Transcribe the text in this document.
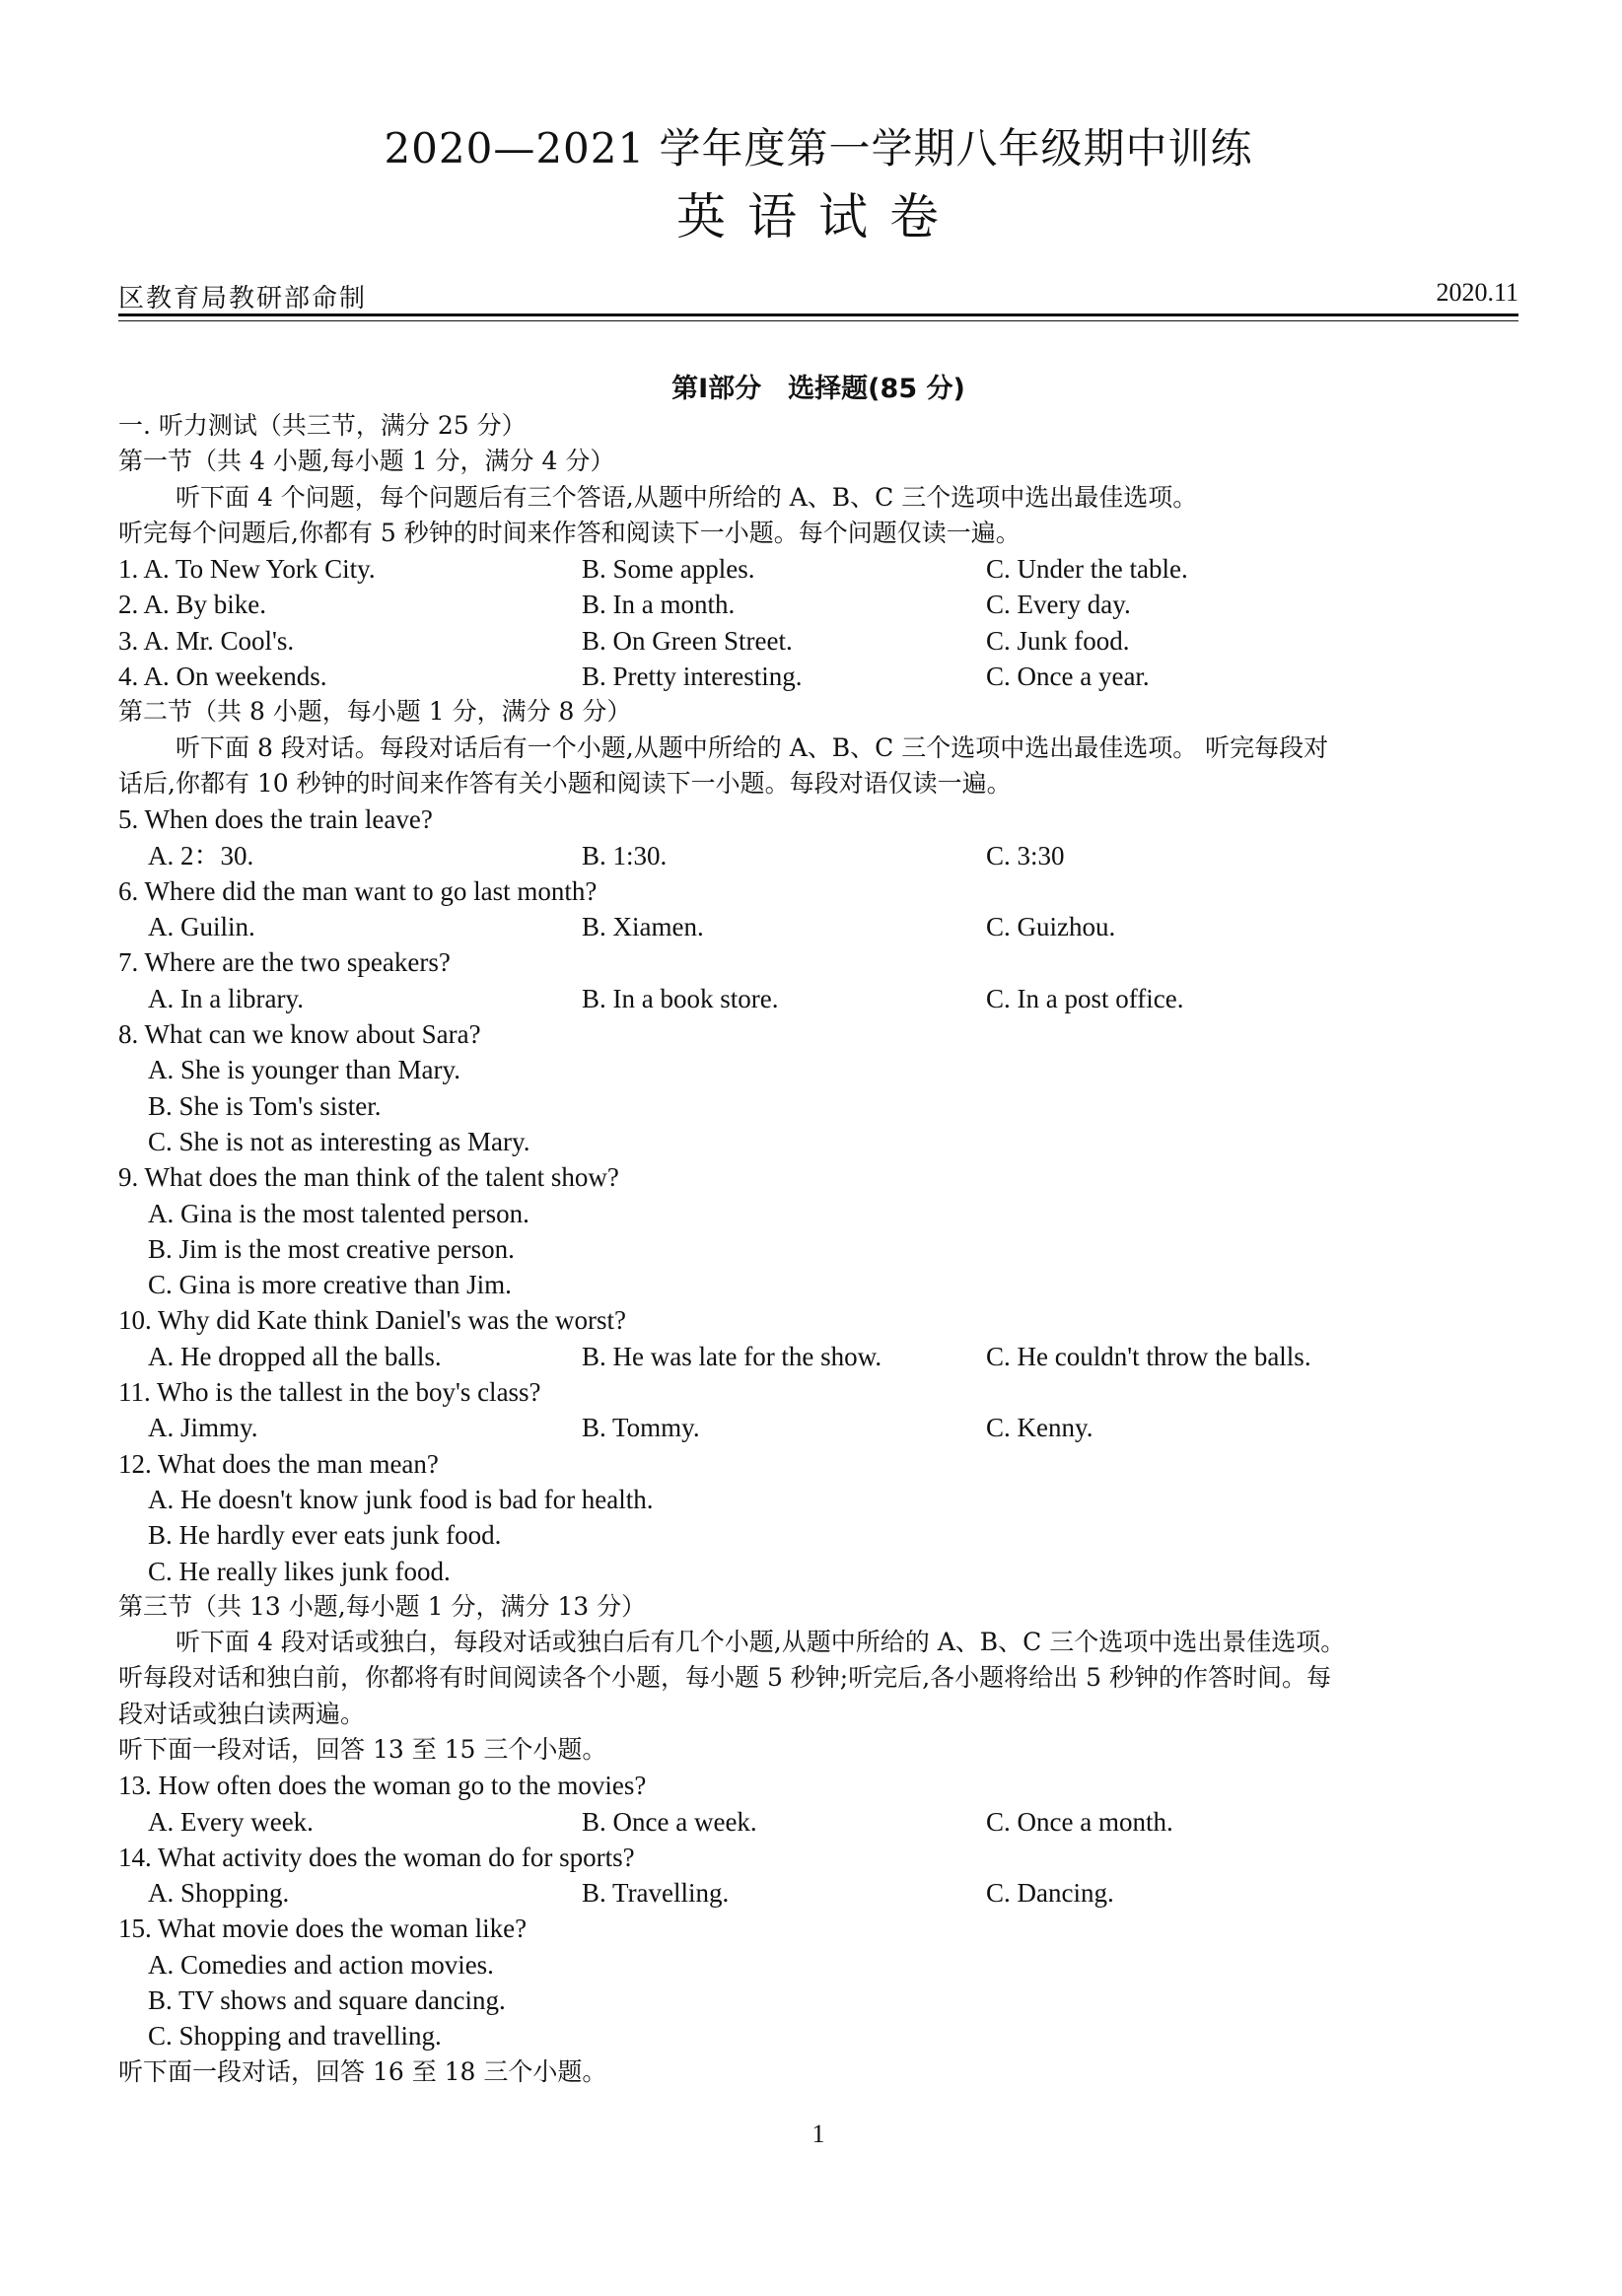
2020—2021 学年度第一学期八年级期中训练
英语试卷
区教育局教研部命制	2020.11
第Ⅰ部分　选择题(85 分)
一. 听力测试（共三节，满分 25 分）
第一节（共 4 小题,每小题 1 分，满分 4 分）
听下面 4 个问题，每个问题后有三个答语,从题中所给的 A、B、C 三个选项中选出最佳选项。
听完每个问题后,你都有 5 秒钟的时间来作答和阅读下一小题。每个问题仅读一遍。
1. A. To New York City.	B. Some apples.	C. Under the table.
2. A. By bike.	B. In a month.	C. Every day.
3. A. Mr. Cool's.	B. On Green Street.	C. Junk food.
4. A. On weekends.	B. Pretty interesting.	C. Once a year.
第二节（共 8 小题，每小题 1 分，满分 8 分）
听下面 8 段对话。每段对话后有一个小题,从题中所给的 A、B、C 三个选项中选出最佳选项。 听完每段对
话后,你都有 10 秒钟的时间来作答有关小题和阅读下一小题。每段对语仅读一遍。
5. When does the train leave?
A. 2：30.	B. 1:30.	C. 3:30
6. Where did the man want to go last month?
A. Guilin.	B. Xiamen.	C. Guizhou.
7. Where are the two speakers?
A. In a library.	B. In a book store.	C. In a post office.
8. What can we know about Sara?
A. She is younger than Mary.
B. She is Tom's sister.
C. She is not as interesting as Mary.
9. What does the man think of the talent show?
A. Gina is the most talented person.
B. Jim is the most creative person.
C. Gina is more creative than Jim.
10. Why did Kate think Daniel's was the worst?
A. He dropped all the balls.	B. He was late for the show.	C. He couldn't throw the balls.
11. Who is the tallest in the boy's class?
A. Jimmy.	B. Tommy.	C. Kenny.
12. What does the man mean?
A. He doesn't know junk food is bad for health.
B. He hardly ever eats junk food.
C. He really likes junk food.
第三节（共 13 小题,每小题 1 分，满分 13 分）
听下面 4 段对话或独白，每段对话或独白后有几个小题,从题中所给的 A、B、C 三个选项中选出景佳选项。
听每段对话和独白前，你都将有时间阅读各个小题，每小题 5 秒钟;听完后,各小题将给出 5 秒钟的作答时间。每
段对话或独白读两遍。
听下面一段对话，回答 13 至 15 三个小题。
13. How often does the woman go to the movies?
A. Every week.	B. Once a week.	C. Once a month.
14. What activity does the woman do for sports?
A. Shopping.	B. Travelling.	C. Dancing.
15. What movie does the woman like?
A. Comedies and action movies.
B. TV shows and square dancing.
C. Shopping and travelling.
听下面一段对话，回答 16 至 18 三个小题。
1
